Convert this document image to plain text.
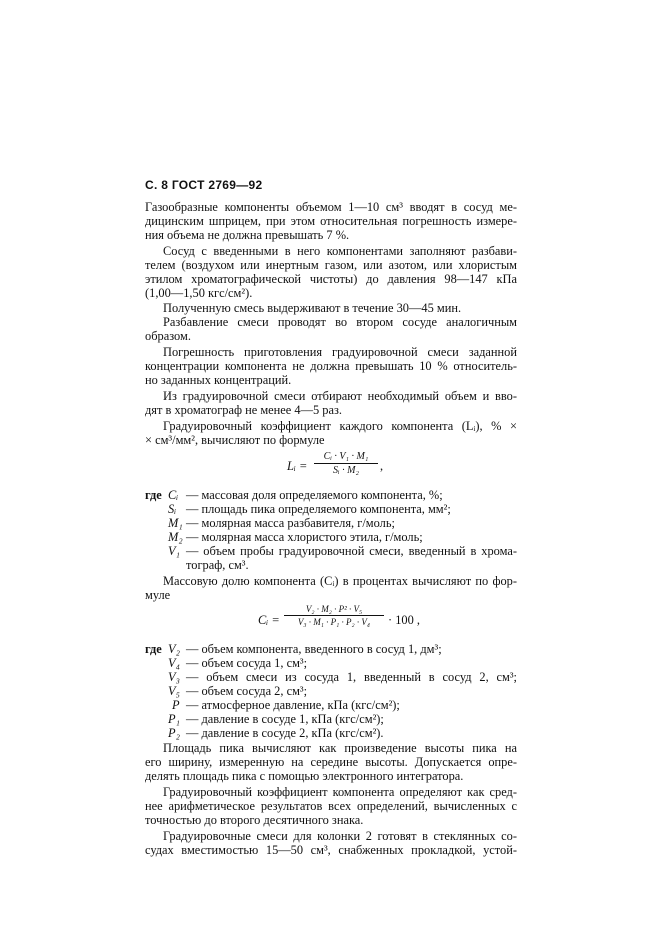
С. 8 ГОСТ 2769—92
Газообразные компоненты объемом 1—10 см³ вводят в сосуд ме-
дицинским шприцем, при этом относительная погрешность измере-
ния объема не должна превышать 7 %.
Сосуд с введенными в него компонентами заполняют разбави-
телем (воздухом или инертным газом, или азотом, или хлористым
этилом хроматографической чистоты) до давления 98—147 кПа
(1,00—1,50 кгс/см²).
Полученную смесь выдерживают в течение 30—45 мин.
Разбавление смеси проводят во втором сосуде аналогичным
образом.
Погрешность приготовления градуировочной смеси заданной
концентрации компонента не должна превышать 10 % относитель-
но заданных концентраций.
Из градуировочной смеси отбирают необходимый объем и вво-
дят в хроматограф не менее 4—5 раз.
Градуировочный коэффициент каждого компонента (Lᵢ), % ×
× см³/мм², вычисляют по формуле
Lᵢ =
Cᵢ · V₁ · M₁
Sᵢ · M₂	,
где Cᵢ — массовая доля определяемого компонента, %;
Sᵢ — площадь пика определяемого компонента, мм²;
M₁ — молярная масса разбавителя, г/моль;
M₂ — молярная масса хлористого этила, г/моль;
V₁ — объем пробы градуировочной смеси, введенный в хрома-
тограф, см³.
Массовую долю компонента (Cᵢ) в процентах вычисляют по фор-
муле
Cᵢ =
V₂ · M₂ · P² · V₅
V₃ · M₁ · P₁ · P₂ · V₄	· 100 ,
где V₂ — объем компонента, введенного в сосуд 1, дм³;
V₄ — объем сосуда 1, см³;
V₃ — объем смеси из сосуда 1, введенный в сосуд 2, см³;
V₅ — объем сосуда 2, см³;
P — атмосферное давление, кПа (кгс/см²);
P₁ — давление в сосуде 1, кПа (кгс/см²);
P₂ — давление в сосуде 2, кПа (кгс/см²).
Площадь пика вычисляют как произведение высоты пика на
его ширину, измеренную на середине высоты. Допускается опре-
делять площадь пика с помощью электронного интегратора.
Градуировочный коэффициент компонента определяют как сред-
нее арифметическое результатов всех определений, вычисленных с
точностью до второго десятичного знака.
Градуировочные смеси для колонки 2 готовят в стеклянных со-
судах вместимостью 15—50 см³, снабженных прокладкой, устой-
